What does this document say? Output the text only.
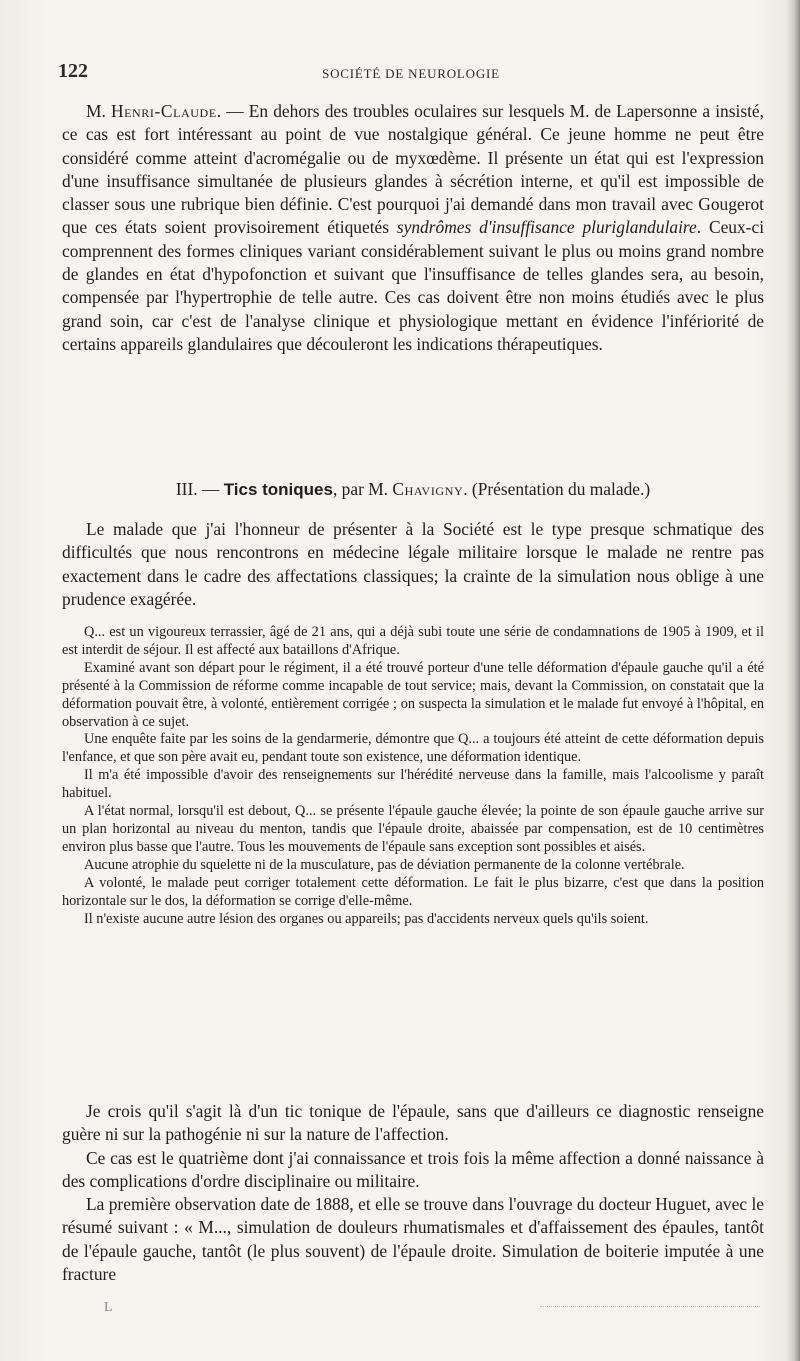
122	SOCIÉTÉ DE NEUROLOGIE

M. Henri-Claude. — En dehors des troubles oculaires sur lesquels M. de Lapersonne a insisté, ce cas est fort intéressant au point de vue nostalgique général. Ce jeune homme ne peut être considéré comme atteint d'acromégalie ou de myxœdème. Il présente un état qui est l'expression d'une insuffisance simultanée de plusieurs glandes à sécrétion interne, et qu'il est impossible de classer sous une rubrique bien définie. C'est pourquoi j'ai demandé dans mon travail avec Gougerot que ces états soient provisoirement étiquetés syndrômes d'insuffisance pluriglandulaire. Ceux-ci comprennent des formes cliniques variant considérablement suivant le plus ou moins grand nombre de glandes en état d'hypofonction et suivant que l'insuffisance de telles glandes sera, au besoin, compensée par l'hypertrophie de telle autre. Ces cas doivent être non moins étudiés avec le plus grand soin, car c'est de l'analyse clinique et physiologique mettant en évidence l'infériorité de certains appareils glandulaires que découleront les indications thérapeutiques.

III. — Tics toniques, par M. Chavigny. (Présentation du malade.)

Le malade que j'ai l'honneur de présenter à la Société est le type presque schmatique des difficultés que nous rencontrons en médecine légale militaire lorsque le malade ne rentre pas exactement dans le cadre des affectations classiques; la crainte de la simulation nous oblige à une prudence exagérée.

Q... est un vigoureux terrassier, âgé de 21 ans, qui a déjà subi toute une série de condamnations de 1905 à 1909, et il est interdit de séjour. Il est affecté aux bataillons d'Afrique.

Examiné avant son départ pour le régiment, il a été trouvé porteur d'une telle déformation d'épaule gauche qu'il a été présenté à la Commission de réforme comme incapable de tout service; mais, devant la Commission, on constatait que la déformation pouvait être, à volonté, entièrement corrigée ; on suspecta la simulation et le malade fut envoyé à l'hôpital, en observation à ce sujet.

Une enquête faite par les soins de la gendarmerie, démontre que Q... a toujours été atteint de cette déformation depuis l'enfance, et que son père avait eu, pendant toute son existence, une déformation identique.

Il m'a été impossible d'avoir des renseignements sur l'hérédité nerveuse dans la famille, mais l'alcoolisme y paraît habituel.

A l'état normal, lorsqu'il est debout, Q... se présente l'épaule gauche élevée; la pointe de son épaule gauche arrive sur un plan horizontal au niveau du menton, tandis que l'épaule droite, abaissée par compensation, est de 10 centimètres environ plus basse que l'autre. Tous les mouvements de l'épaule sans exception sont possibles et aisés.

Aucune atrophie du squelette ni de la musculature, pas de déviation permanente de la colonne vertébrale.

A volonté, le malade peut corriger totalement cette déformation. Le fait le plus bizarre, c'est que dans la position horizontale sur le dos, la déformation se corrige d'elle-même.

Il n'existe aucune autre lésion des organes ou appareils; pas d'accidents nerveux quels qu'ils soient.

Je crois qu'il s'agit là d'un tic tonique de l'épaule, sans que d'ailleurs ce diagnostic renseigne guère ni sur la pathogénie ni sur la nature de l'affection.

Ce cas est le quatrième dont j'ai connaissance et trois fois la même affection a donné naissance à des complications d'ordre disciplinaire ou militaire.

La première observation date de 1888, et elle se trouve dans l'ouvrage du docteur Huguet, avec le résumé suivant : « M..., simulation de douleurs rhumatismales et d'affaissement des épaules, tantôt de l'épaule gauche, tantôt (le plus souvent) de l'épaule droite. Simulation de boiterie imputée à une fracture

L
